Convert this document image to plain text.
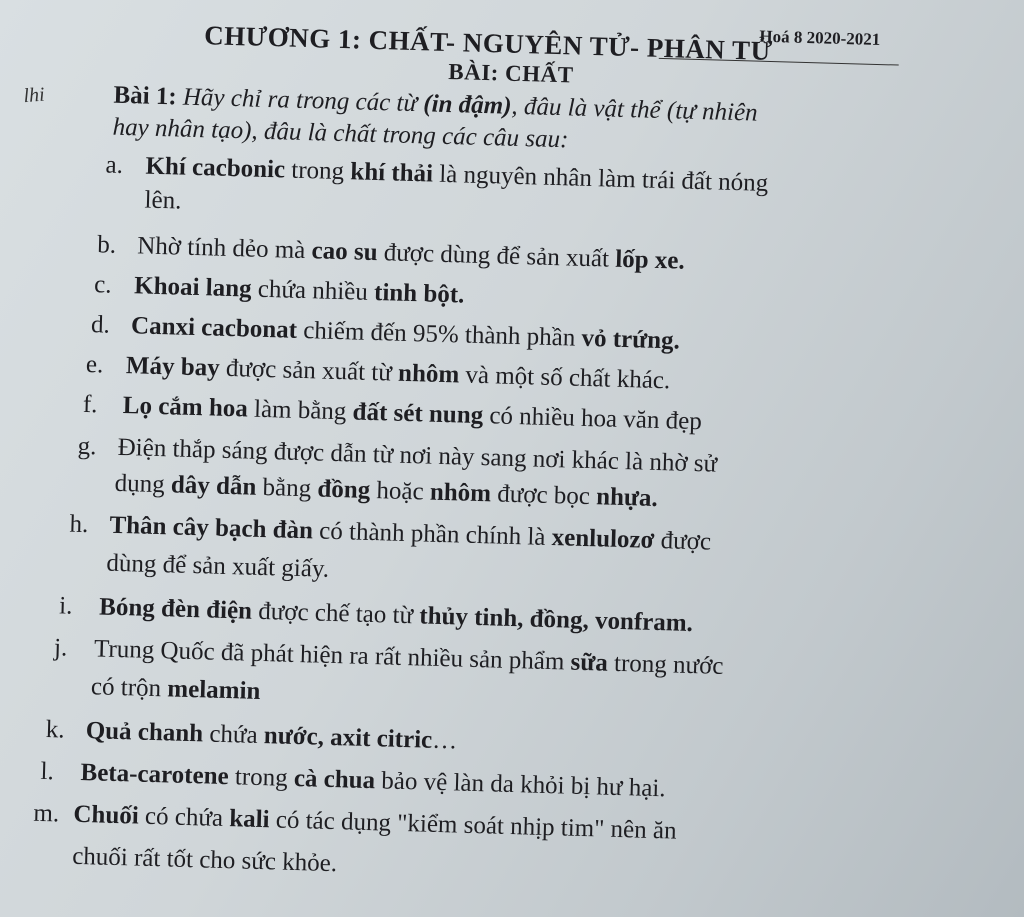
Hoá 8 2020-2021
CHƯƠNG 1: CHẤT- NGUYÊN TỬ- PHÂN TỬ
BÀI: CHẤT
lhi	Bài 1: Hãy chỉ ra trong các từ (in đậm), đâu là vật thể (tự nhiên
hay nhân tạo), đâu là chất trong các câu sau:
a. Khí cacbonic trong khí thải là nguyên nhân làm trái đất nóng
lên.
b. Nhờ tính dẻo mà cao su được dùng để sản xuất lốp xe.
c. Khoai lang chứa nhiều tinh bột.
d. Canxi cacbonat chiếm đến 95% thành phần vỏ trứng.
e. Máy bay được sản xuất từ nhôm và một số chất khác.
f. Lọ cắm hoa làm bằng đất sét nung có nhiều hoa văn đẹp
g. Điện thắp sáng được dẫn từ nơi này sang nơi khác là nhờ sử
dụng dây dẫn bằng đồng hoặc nhôm được bọc nhựa.
h. Thân cây bạch đàn có thành phần chính là xenlulozơ được
dùng để sản xuất giấy.
i. Bóng đèn điện được chế tạo từ thủy tinh, đồng, vonfram.
j. Trung Quốc đã phát hiện ra rất nhiều sản phẩm sữa trong nước
có trộn melamin
k. Quả chanh chứa nước, axit citric…
l. Beta-carotene trong cà chua bảo vệ làn da khỏi bị hư hại.
m. Chuối có chứa kali có tác dụng "kiểm soát nhịp tim" nên ăn
chuối rất tốt cho sức khỏe.
